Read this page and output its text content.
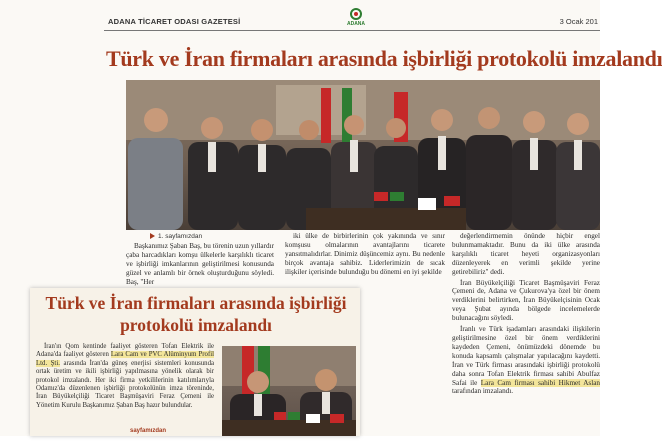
ADANA TİCARET ODASI GAZETESİ	ADANA	3 Ocak 201
Türk ve İran firmaları arasında işbirliği protokolü imzalandı
1. sayfamızdan

Başkanımız Şaban Baş, bu törenin uzun yıllardır çaba harcadıkları komşu ülkelerle karşılıklı ticaret ve işbirliği imkanlarının geliştirilmesi konusunda güzel ve anlamlı bir örnek oluşturduğunu söyledi. Baş, "Her

iki ülke de birbirlerinin çok yakınında ve sınır komşusu olmalarının avantajlarını ticarete yansıtmalıdırlar. Dinimiz düşüncemiz aynı. Bu nedenle birçok avantaja sahibiz. Liderlerimizin de sıcak ilişkiler içerisinde bulunduğu bu dönemi en iyi şekilde

değerlendirmemin önünde hiçbir engel bulunmamaktadır. Bunu da iki ülke arasında karşılıklı ticaret heyeti organizasyonları düzenleyerek en verimli şekilde yerine getirebiliriz" dedi.

İran Büyükelçiliği Ticaret Başmüşaviri Feraz Çemeni de, Adana ve Çukurova'ya özel bir önem verdiklerini belirtirken, İran Büyükelçisinin Ocak veya Şubat ayında bölgede incelemelerde bulunacağını söyledi.

İranlı ve Türk işadamları arasındaki ilişkilerin geliştirilmesine özel bir önem verdiklerini kaydeden Çemeni, önümüzdeki dönemde bu konuda kapsamlı çalışmalar yapılacağını kaydetti. İran ve Türk firması arasındaki işbirliği protokolü daha sonra Tofan Elektrik firması sahibi Abulfaz Safai ile Lara Cam firması sahibi Hikmet Aslan tarafından imzalandı.

Türk ve İran firmaları arasında işbirliği protokolü imzalandı

İran'ın Qom kentinde faaliyet gösteren Tofan Elektrik ile Adana'da faaliyet gösteren Lara Cam ve PVC Alüminyum Profil Ltd. Şti. arasında İran'da güneş enerjisi sistemleri konusunda ortak üretim ve ikili işbirliği yapılmasına yönelik olarak bir protokol imzalandı. Her iki firma yetkililerinin katılımlarıyla Odamız'da düzenlenen işbirliği protokolünün imza töreninde, İran Büyükelçiliği Ticaret Başmüşaviri Feraz Çemeni ile Yönetim Kurulu Başkanımız Şaban Baş hazır bulundular.

sayfamızdan
